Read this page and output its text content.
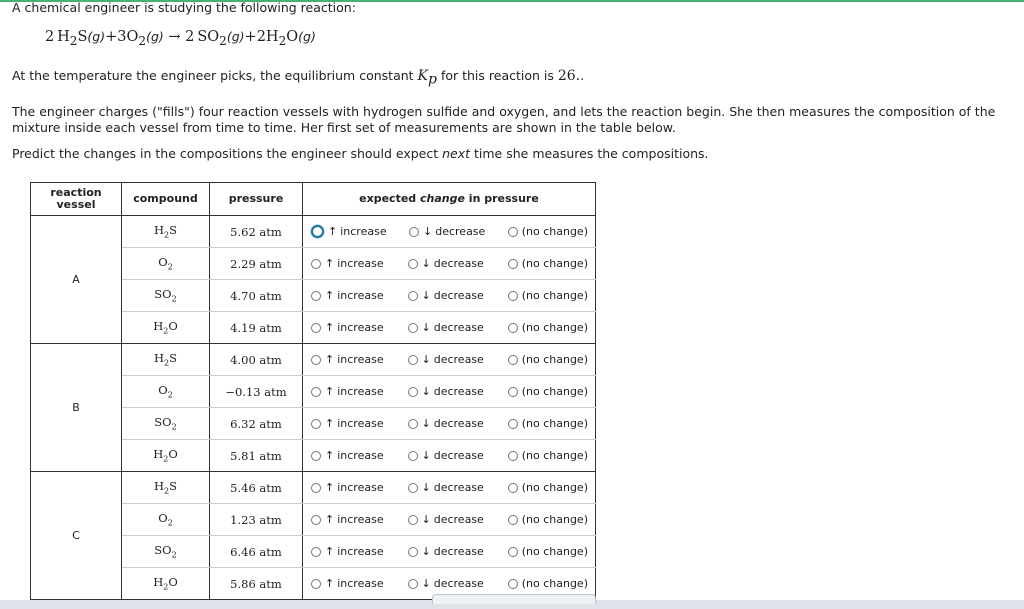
A chemical engineer is studying the following reaction:
2  $H_2S(g)+3O_2(g) \to 2$  $SO_2(g)+2H_2O(g)$
At the temperature the engineer picks, the equilibrium constant $K_p$ for this reaction is 26..
The engineer charges ("fills") four reaction vessels with hydrogen sulfide and oxygen, and lets the reaction begin. She then measures the composition of the mixture inside each vessel from time to time. Her first set of measurements are shown in the table below.
Predict the changes in the compositions the engineer should expect next time she measures the compositions.
reaction
vessel	compound	pressure	expected change in pressure
A	$H_2S$	5.62 atm	↑ increase ↓ decrease (no change)

	$O_2$	2.29 atm	↑ increase ↓ decrease (no change)

	$SO_2$	4.70 atm	↑ increase ↓ decrease (no change)

	$H_2O$	4.19 atm	↑ increase ↓ decrease (no change)

B	$H_2S$	4.00 atm	↑ increase ↓ decrease (no change)

	$O_2$	−0.13 atm	↑ increase ↓ decrease (no change)

	$SO_2$	6.32 atm	↑ increase ↓ decrease (no change)

	$H_2O$	5.81 atm	↑ increase ↓ decrease (no change)

C	$H_2S$	5.46 atm	↑ increase ↓ decrease (no change)

	$O_2$	1.23 atm	↑ increase ↓ decrease (no change)

	$SO_2$	6.46 atm	↑ increase ↓ decrease (no change)

	$H_2O$	5.86 atm	↑ increase ↓ decrease (no change)
